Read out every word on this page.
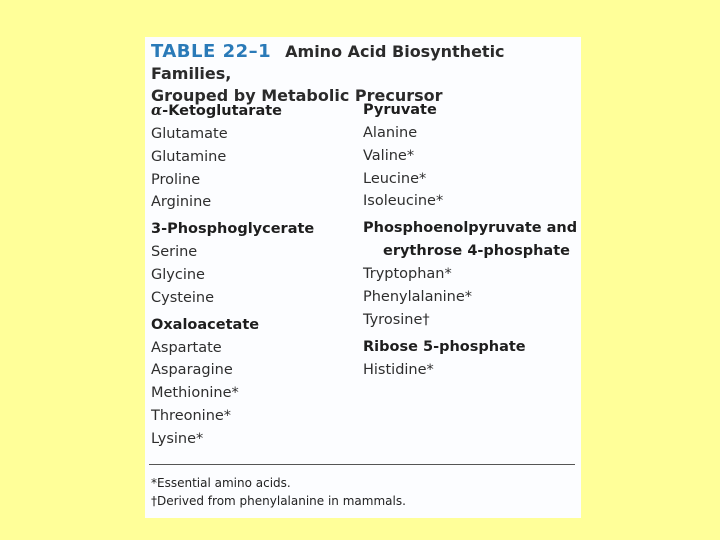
TABLE 22–1 Amino Acid Biosynthetic Families,
Grouped by Metabolic Precursor
α-Ketoglutarate
Glutamate
Glutamine
Proline
Arginine
3-Phosphoglycerate
Serine
Glycine
Cysteine
Oxaloacetate
Aspartate
Asparagine
Methionine*
Threonine*
Lysine*
Pyruvate
Alanine
Valine*
Leucine*
Isoleucine*
Phosphoenolpyruvate and
erythrose 4-phosphate
Tryptophan*
Phenylalanine*
Tyrosine†
Ribose 5-phosphate
Histidine*
*Essential amino acids.
†Derived from phenylalanine in mammals.
